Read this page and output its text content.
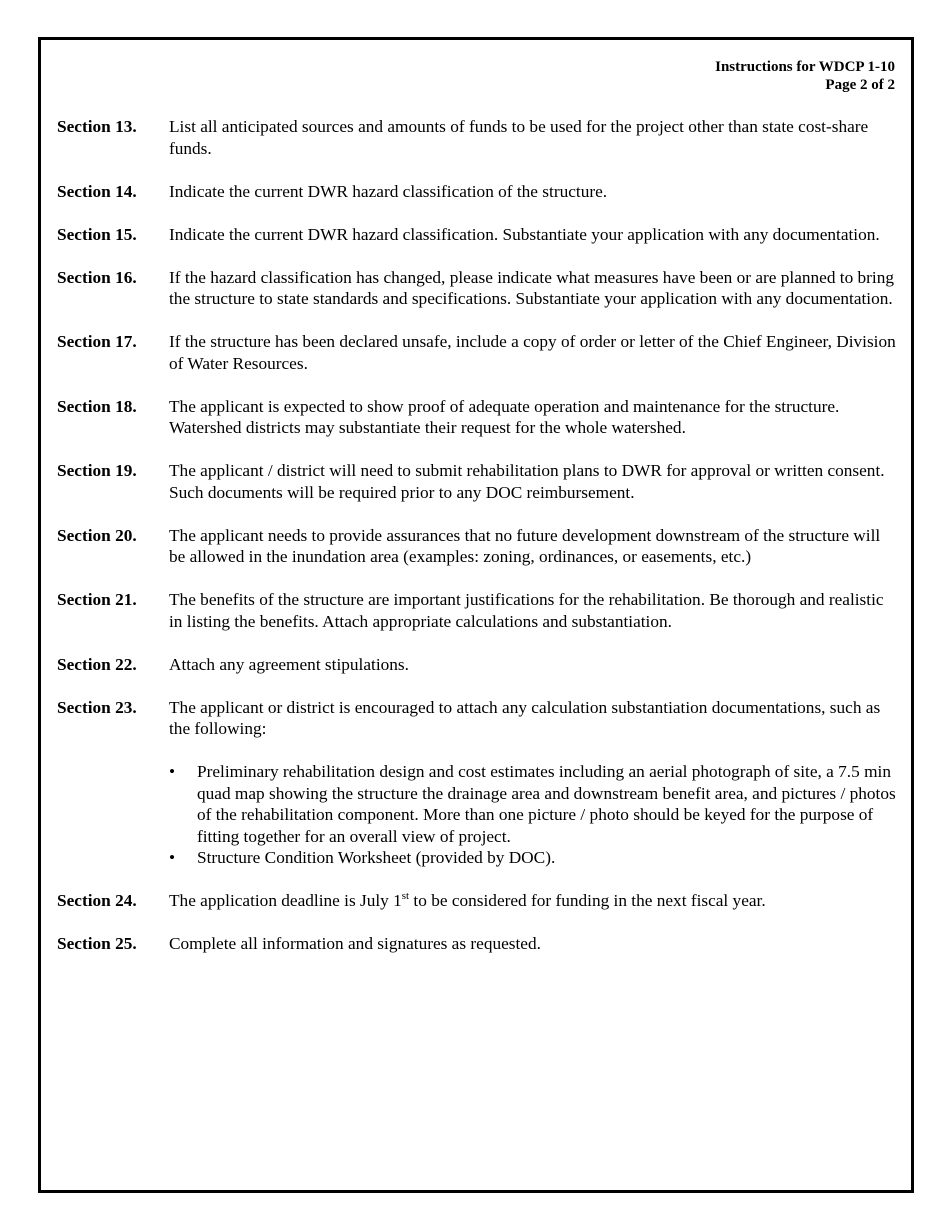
Instructions for WDCP 1-10
Page 2 of 2
Section 13.	List all anticipated sources and amounts of funds to be used for the project other than state cost-share funds.
Section 14.	Indicate the current DWR hazard classification of the structure.
Section 15.	Indicate the current DWR hazard classification. Substantiate your application with any documentation.
Section 16.	If the hazard classification has changed, please indicate what measures have been or are planned to bring the structure to state standards and specifications. Substantiate your application with any documentation.
Section 17.	If the structure has been declared unsafe, include a copy of order or letter of the Chief Engineer, Division of Water Resources.
Section 18.	The applicant is expected to show proof of adequate operation and maintenance for the structure. Watershed districts may substantiate their request for the whole watershed.
Section 19.	The applicant / district will need to submit rehabilitation plans to DWR for approval or written consent. Such documents will be required prior to any DOC reimbursement.
Section 20.	The applicant needs to provide assurances that no future development downstream of the structure will be allowed in the inundation area (examples: zoning, ordinances, or easements, etc.)
Section 21.	The benefits of the structure are important justifications for the rehabilitation. Be thorough and realistic in listing the benefits. Attach appropriate calculations and substantiation.
Section 22.	Attach any agreement stipulations.
Section 23.	The applicant or district is encouraged to attach any calculation substantiation documentations, such as the following:
•	Preliminary rehabilitation design and cost estimates including an aerial photograph of site, a 7.5 min quad map showing the structure the drainage area and downstream benefit area, and pictures / photos of the rehabilitation component. More than one picture / photo should be keyed for the purpose of fitting together for an overall view of project.
•	Structure Condition Worksheet (provided by DOC).
Section 24.	The application deadline is July 1st to be considered for funding in the next fiscal year.
Section 25.	Complete all information and signatures as requested.
